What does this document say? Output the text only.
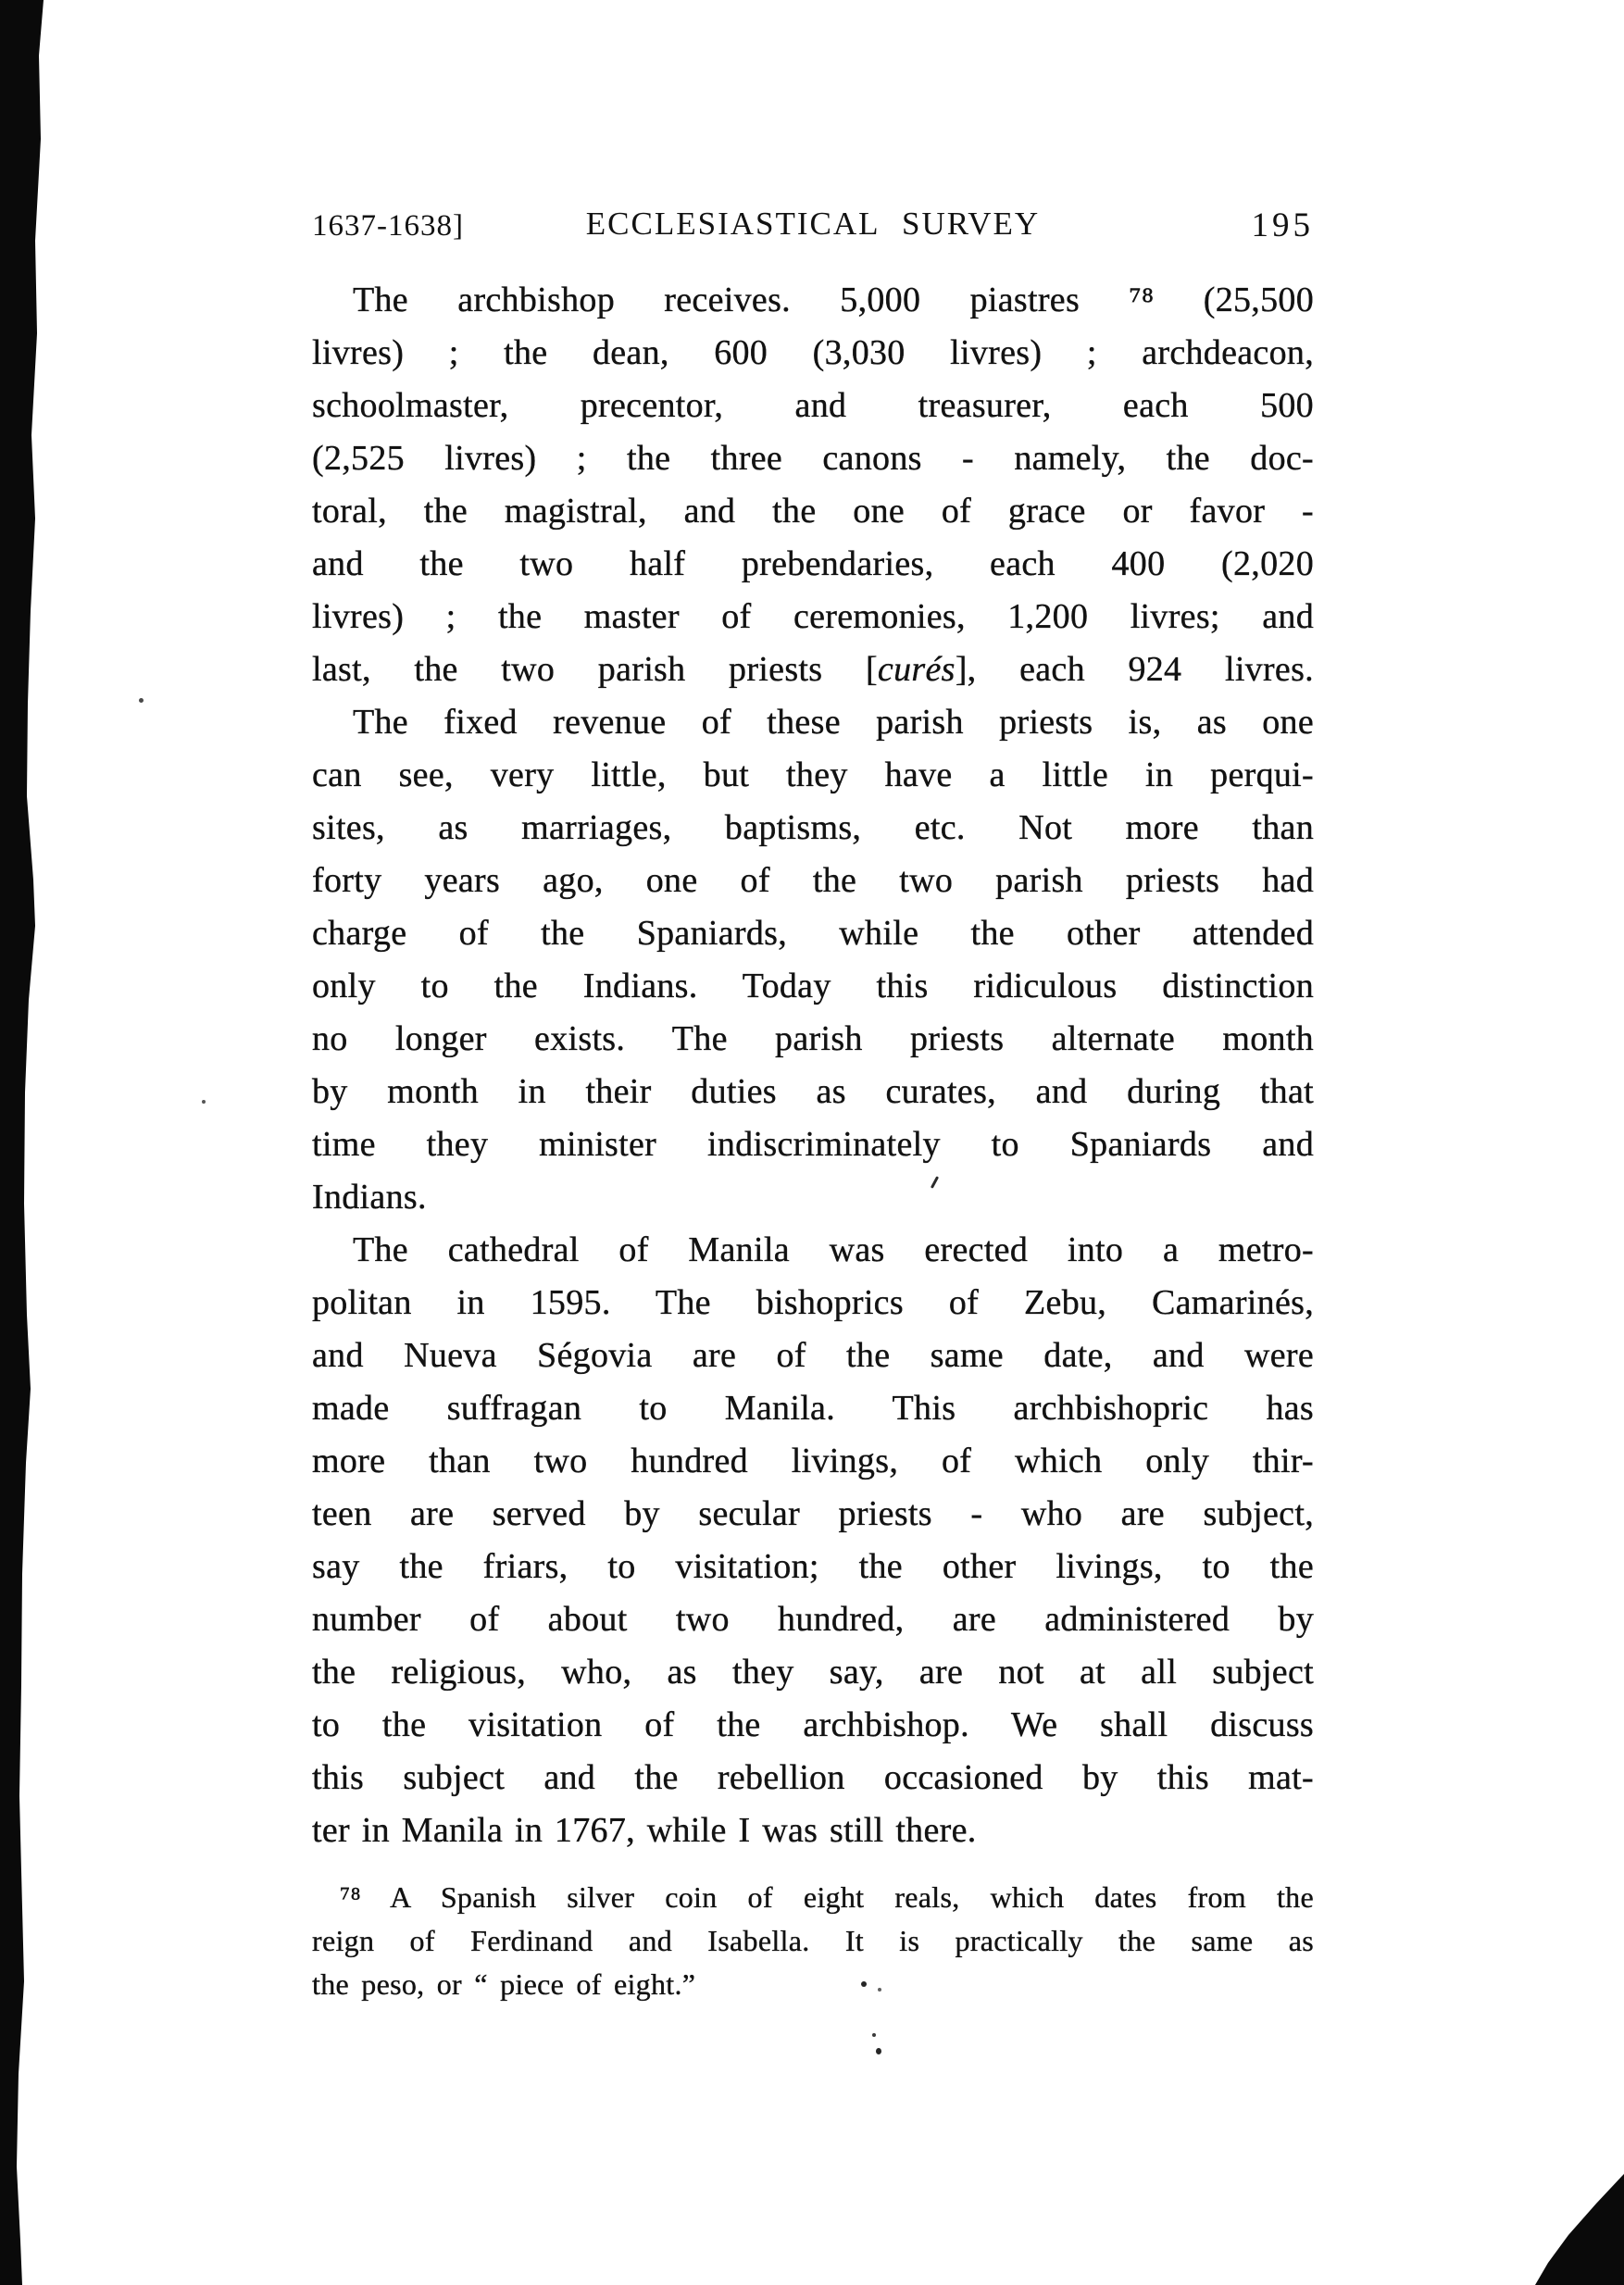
1637-1638]	ECCLESIASTICAL SURVEY	195
The archbishop receives. 5,000 piastres ⁷⁸ (25,500
livres) ; the dean, 600 (3,030 livres) ; archdeacon,
schoolmaster, precentor, and treasurer, each 500
(2,525 livres) ; the three canons - namely, the doc-
toral, the magistral, and the one of grace or favor -
and the two half prebendaries, each 400 (2,020
livres) ; the master of ceremonies, 1,200 livres; and
last, the two parish priests [curés], each 924 livres.
The fixed revenue of these parish priests is, as one
can see, very little, but they have a little in perqui-
sites, as marriages, baptisms, etc. Not more than
forty years ago, one of the two parish priests had
charge of the Spaniards, while the other attended
only to the Indians. Today this ridiculous distinction
no longer exists. The parish priests alternate month
by month in their duties as curates, and during that
time they minister indiscriminately to Spaniards and
Indians.
The cathedral of Manila was erected into a metro-
politan in 1595. The bishoprics of Zebu, Camarinés,
and Nueva Ségovia are of the same date, and were
made suffragan to Manila. This archbishopric has
more than two hundred livings, of which only thir-
teen are served by secular priests - who are subject,
say the friars, to visitation; the other livings, to the
number of about two hundred, are administered by
the religious, who, as they say, are not at all subject
to the visitation of the archbishop. We shall discuss
this subject and the rebellion occasioned by this mat-
ter in Manila in 1767, while I was still there.
⁷⁸ A Spanish silver coin of eight reals, which dates from the
reign of Ferdinand and Isabella. It is practically the same as
the peso, or “ piece of eight.”
